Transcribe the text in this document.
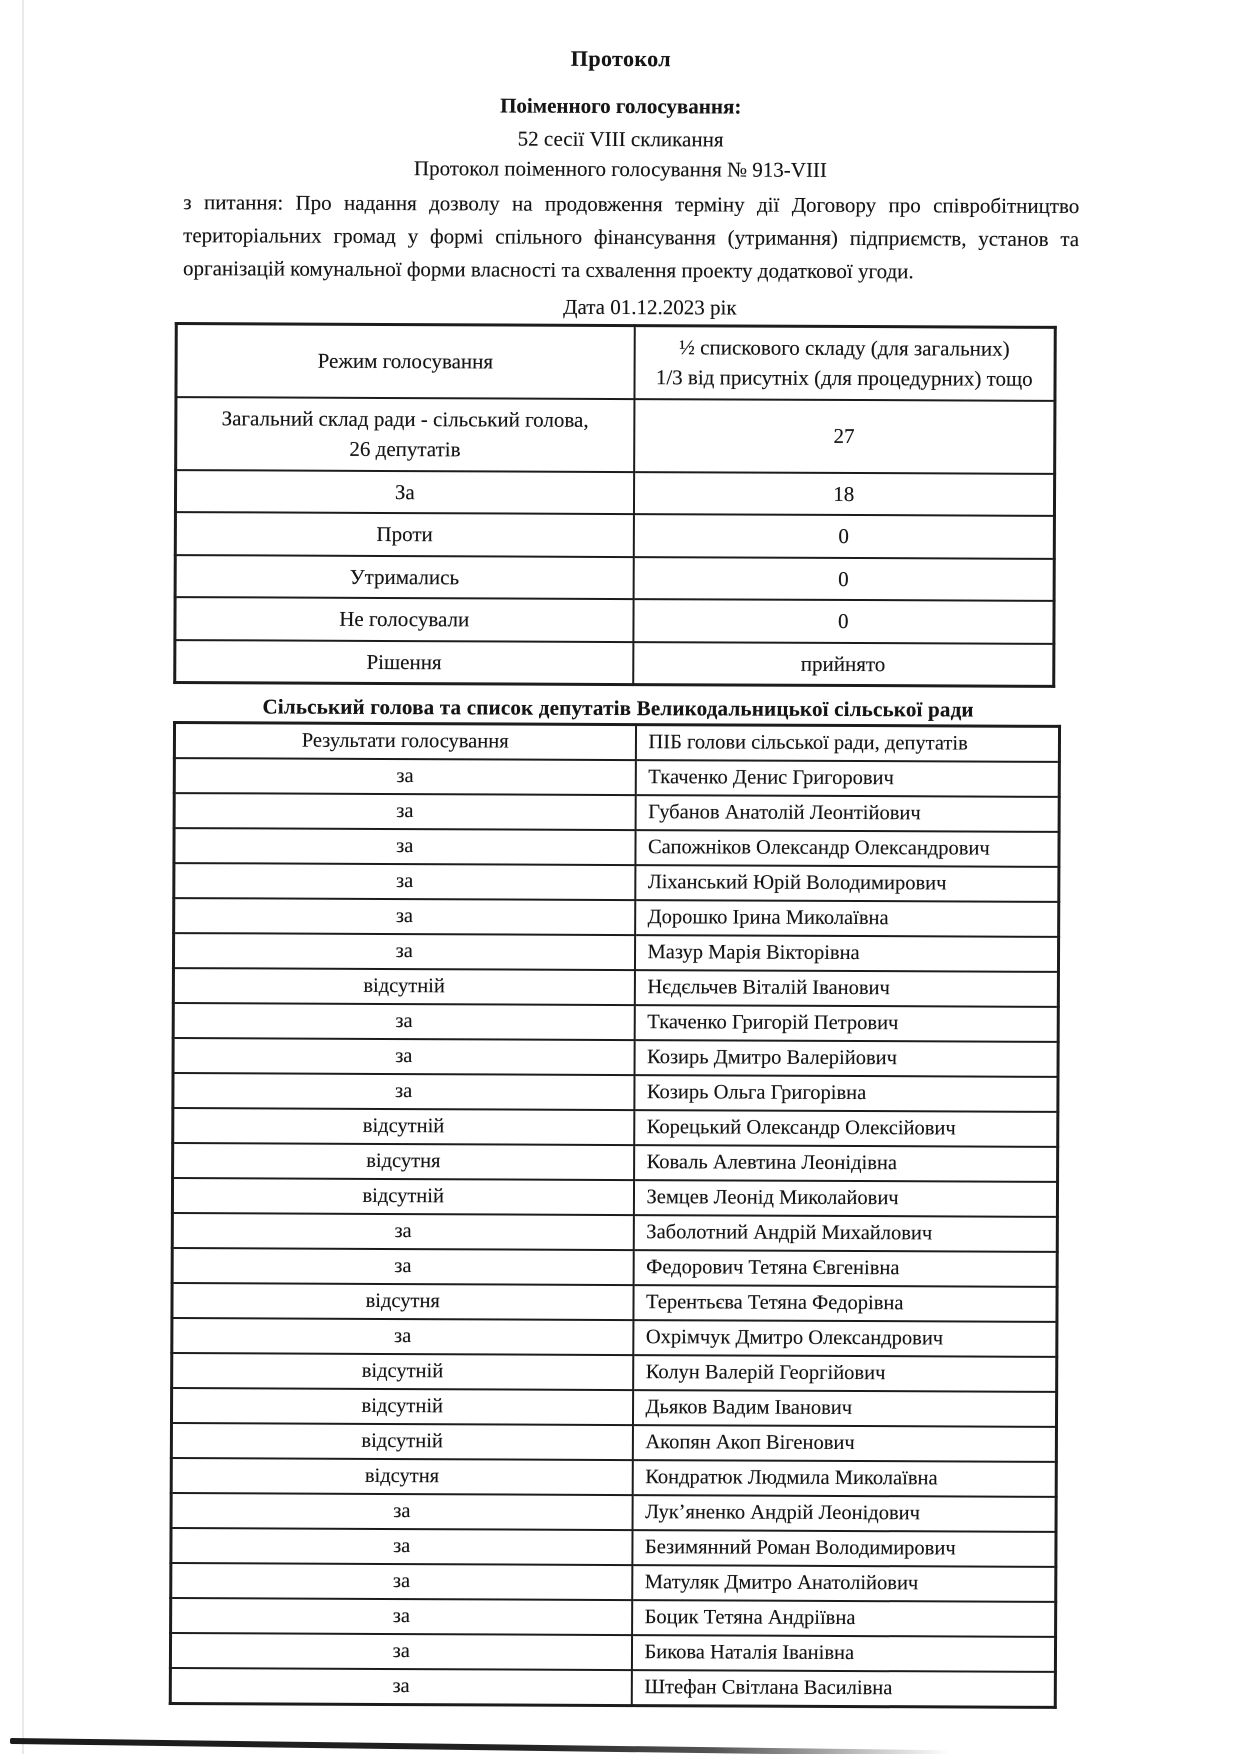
Протокол

Поіменного голосування:

52 сесії VIII скликання

Протокол поіменного голосування № 913-VIII

з питання: Про надання дозволу на продовження терміну дії Договору про співробітництво територіальних громад у формі спільного фінансування (утримання) підприємств, установ та організацій комунальної форми власності та схвалення проекту додаткової угоди.

Дата 01.12.2023 рік

Режим голосування	½ спискового складу (для загальних)
1/3 від присутніх (для процедурних) тощо
Загальний склад ради - сільський голова,
26 депутатів	27
За	18
Проти	0
Утримались	0
Не голосували	0
Рішення	прийнято

Сільський голова та список депутатів Великодальницької сільської ради

Результати голосування	ПІБ голови сільської ради, депутатів
за	Ткаченко Денис Григорович
за	Губанов Анатолій Леонтійович
за	Сапожніков Олександр Олександрович
за	Ліханський Юрій Володимирович
за	Дорошко Ірина Миколаївна
за	Мазур Марія Вікторівна
відсутній	Нєдєльчев Віталій Іванович
за	Ткаченко Григорій Петрович
за	Козирь Дмитро Валерійович
за	Козирь Ольга Григорівна
відсутній	Корецький Олександр Олексійович
відсутня	Коваль Алевтина Леонідівна
відсутній	Земцев Леонід Миколайович
за	Заболотний Андрій Михайлович
за	Федорович Тетяна Євгенівна
відсутня	Терентьєва Тетяна Федорівна
за	Охрімчук Дмитро Олександрович
відсутній	Колун Валерій Георгійович
відсутній	Дьяков Вадим Іванович
відсутній	Акопян Акоп Вігенович
відсутня	Кондратюк Людмила Миколаївна
за	Лук’яненко Андрій Леонідович
за	Безимянний Роман Володимирович
за	Матуляк Дмитро Анатолійович
за	Боцик Тетяна Андріївна
за	Бикова Наталія Іванівна
за	Штефан Світлана Василівна
